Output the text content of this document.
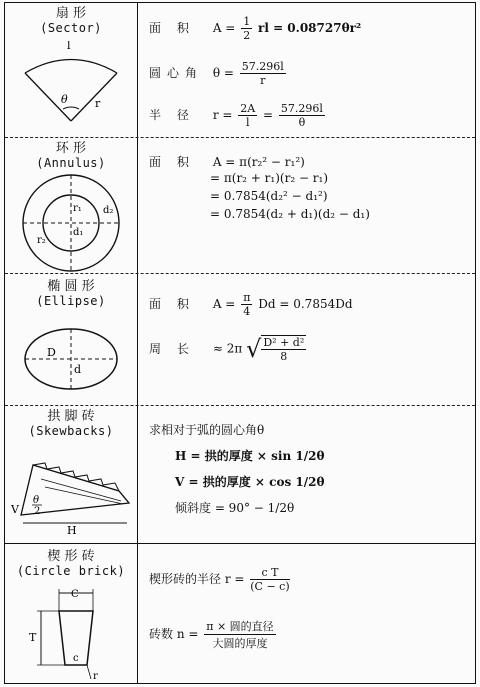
扇 形
(Sector)
l
θ r
面 积 $A = \frac{1}{2}$ rl = 0.08727θr²
圆心角 $\theta = \frac{57.296l}{r}$
半 径 $r = \frac{2A}{l} = \frac{57.296l}{\theta}$
环 形
(Annulus)
r₁
d₁
d₂
r₂
面 积 A = π(r₂² − r₁²)
= π(r₂ + r₁)(r₂ − r₁)
= 0.7854(d₂² − d₁²)
= 0.7854(d₂ + d₁)(d₂ − d₁)
椭 圆 形
(Ellipse)
D
d
面 积 $A = \frac{\pi}{4}$ Dd = 0.7854Dd
周 长 ≈ 2π √ $\frac{\text{D² + d²}}{8}$
拱 脚 砖
(Skewbacks)
V
H
θ
2
求相对于弧的圆心角θ
H = 拱的厚度 × sin 1/2θ
V = 拱的厚度 × cos 1/2θ
倾斜度 = 90° − 1/2θ
楔 形 砖
(Circle brick)
C
T
c
r
楔形砖的半径 $r = \frac{\text{c T}}{(C - c)}$
砖数 $n = \frac{\text{π × 圆的直径}}{\text{大圆的厚度}}$
